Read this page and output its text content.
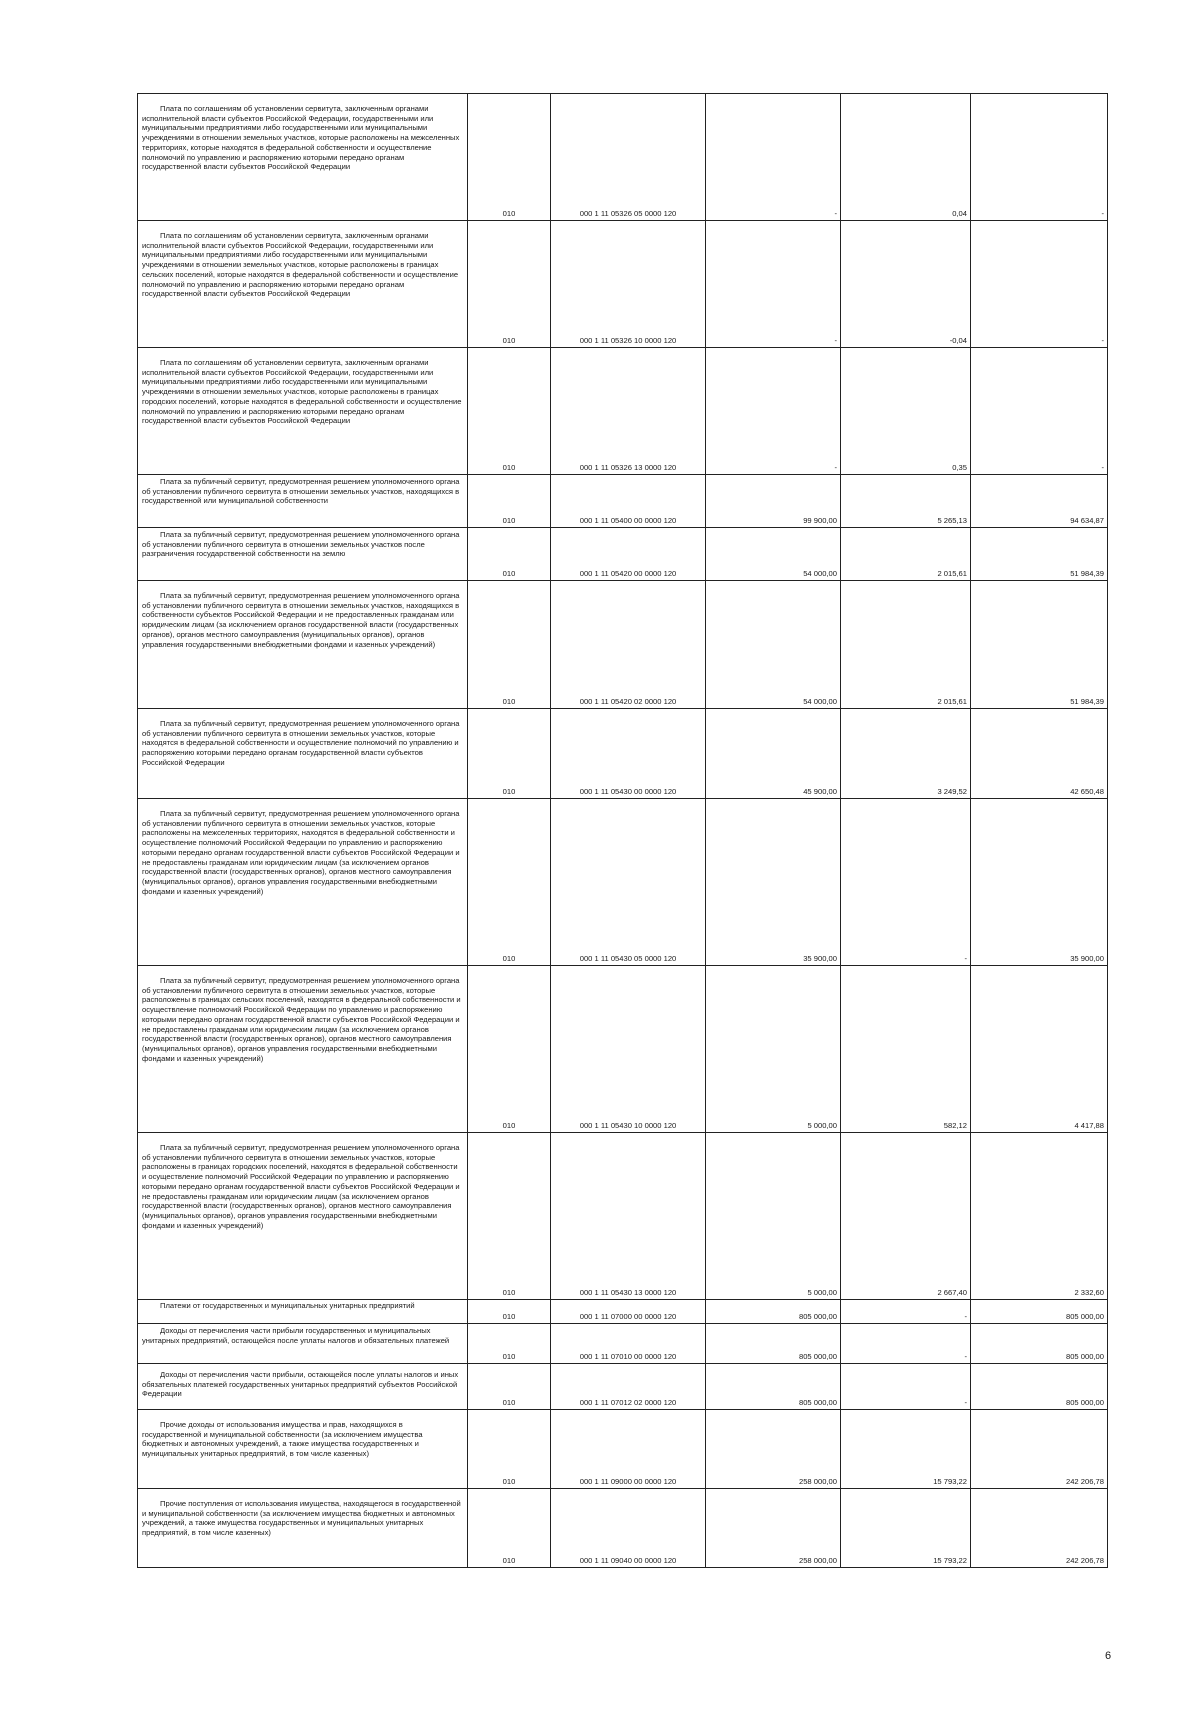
Плата по соглашениям об установлении сервитута, заключенным органами исполнительной власти субъектов Российской Федерации, государственными или муниципальными предприятиями либо государственными или муниципальными учреждениями в отношении земельных участков, которые расположены на межселенных территориях, которые находятся в федеральной собственности и осуществление полномочий по управлению и распоряжению которыми передано органам государственной власти субъектов Российской Федерации	010	000 1 11 05326 05 0000 120	-	0,04	-
Плата по соглашениям об установлении сервитута, заключенным органами исполнительной власти субъектов Российской Федерации, государственными или муниципальными предприятиями либо государственными или муниципальными учреждениями в отношении земельных участков, которые расположены в границах сельских поселений, которые находятся в федеральной собственности и осуществление полномочий по управлению и распоряжению которыми передано органам государственной власти субъектов Российской Федерации	010	000 1 11 05326 10 0000 120	-	-0,04	-
Плата по соглашениям об установлении сервитута, заключенным органами исполнительной власти субъектов Российской Федерации, государственными или муниципальными предприятиями либо государственными или муниципальными учреждениями в отношении земельных участков, которые расположены в границах городских поселений, которые находятся в федеральной собственности и осуществление полномочий по управлению и распоряжению которыми передано органам государственной власти субъектов Российской Федерации	010	000 1 11 05326 13 0000 120	-	0,35	-
Плата за публичный сервитут, предусмотренная решением уполномоченного органа об установлении публичного сервитута в отношении земельных участков, находящихся в государственной или муниципальной собственности	010	000 1 11 05400 00 0000 120	99 900,00	5 265,13	94 634,87
Плата за публичный сервитут, предусмотренная решением уполномоченного органа об установлении публичного сервитута в отношении земельных участков после разграничения государственной собственности на землю	010	000 1 11 05420 00 0000 120	54 000,00	2 015,61	51 984,39
Плата за публичный сервитут, предусмотренная решением уполномоченного органа об установлении публичного сервитута в отношении земельных участков, находящихся в собственности субъектов Российской Федерации и не предоставленных гражданам или юридическим лицам (за исключением органов государственной власти (государственных органов), органов местного самоуправления (муниципальных органов), органов управления государственными внебюджетными фондами и казенных учреждений)	010	000 1 11 05420 02 0000 120	54 000,00	2 015,61	51 984,39
Плата за публичный сервитут, предусмотренная решением уполномоченного органа об установлении публичного сервитута в отношении земельных участков, которые находятся в федеральной собственности и осуществление полномочий по управлению и распоряжению которыми передано органам государственной власти субъектов Российской Федерации	010	000 1 11 05430 00 0000 120	45 900,00	3 249,52	42 650,48
Плата за публичный сервитут, предусмотренная решением уполномоченного органа об установлении публичного сервитута в отношении земельных участков, которые расположены на межселенных территориях, находятся в федеральной собственности и осуществление полномочий Российской Федерации по управлению и распоряжению которыми передано органам государственной власти субъектов Российской Федерации и не предоставлены гражданам или юридическим лицам (за исключением органов государственной власти (государственных органов), органов местного самоуправления (муниципальных органов), органов управления государственными внебюджетными фондами и казенных учреждений)	010	000 1 11 05430 05 0000 120	35 900,00	-	35 900,00
Плата за публичный сервитут, предусмотренная решением уполномоченного органа об установлении публичного сервитута в отношении земельных участков, которые расположены в границах сельских поселений, находятся в федеральной собственности и осуществление полномочий Российской Федерации по управлению и распоряжению которыми передано органам государственной власти субъектов Российской Федерации и не предоставлены гражданам или юридическим лицам (за исключением органов государственной власти (государственных органов), органов местного самоуправления (муниципальных органов), органов управления государственными внебюджетными фондами и казенных учреждений)	010	000 1 11 05430 10 0000 120	5 000,00	582,12	4 417,88
Плата за публичный сервитут, предусмотренная решением уполномоченного органа об установлении публичного сервитута в отношении земельных участков, которые расположены в границах городских поселений, находятся в федеральной собственности и осуществление полномочий Российской Федерации по управлению и распоряжению которыми передано органам государственной власти субъектов Российской Федерации и не предоставлены гражданам или юридическим лицам (за исключением органов государственной власти (государственных органов), органов местного самоуправления (муниципальных органов), органов управления государственными внебюджетными фондами и казенных учреждений)	010	000 1 11 05430 13 0000 120	5 000,00	2 667,40	2 332,60
Платежи от государственных и муниципальных унитарных предприятий	010	000 1 11 07000 00 0000 120	805 000,00	-	805 000,00
Доходы от перечисления части прибыли государственных и муниципальных унитарных предприятий, остающейся после уплаты налогов и обязательных платежей	010	000 1 11 07010 00 0000 120	805 000,00	-	805 000,00
Доходы от перечисления части прибыли, остающейся после уплаты налогов и иных обязательных платежей государственных унитарных предприятий субъектов Российской Федерации	010	000 1 11 07012 02 0000 120	805 000,00	-	805 000,00
Прочие доходы от использования имущества и прав, находящихся в государственной и муниципальной собственности (за исключением имущества бюджетных и автономных учреждений, а также имущества государственных и муниципальных унитарных предприятий, в том числе казенных)	010	000 1 11 09000 00 0000 120	258 000,00	15 793,22	242 206,78
Прочие поступления от использования имущества, находящегося в государственной и муниципальной собственности (за исключением имущества бюджетных и автономных учреждений, а также имущества государственных и муниципальных унитарных предприятий, в том числе казенных)	010	000 1 11 09040 00 0000 120	258 000,00	15 793,22	242 206,78
6
